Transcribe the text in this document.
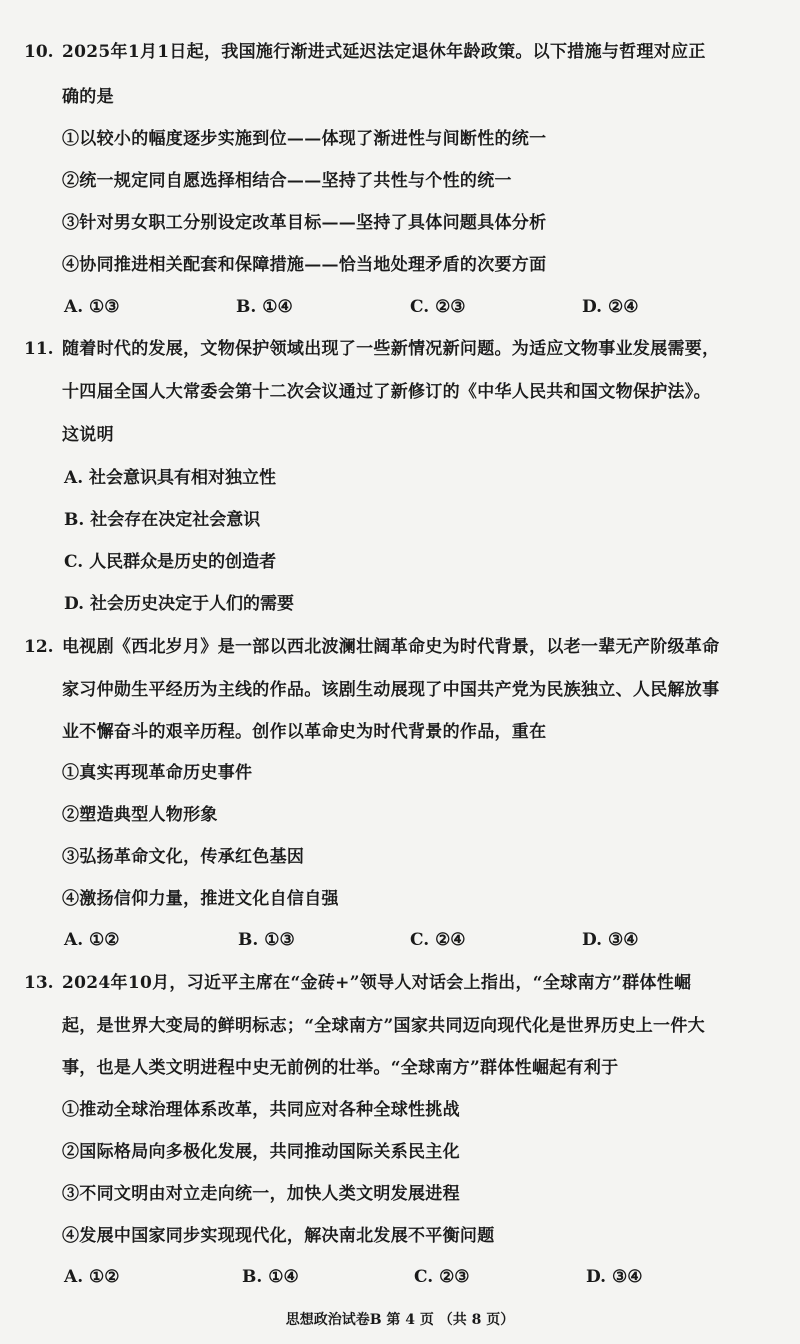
10. 2025年1月1日起，我国施行渐进式延迟法定退休年龄政策。以下措施与哲理对应正
确的是
①以较小的幅度逐步实施到位——体现了渐进性与间断性的统一
②统一规定同自愿选择相结合——坚持了共性与个性的统一
③针对男女职工分别设定改革目标——坚持了具体问题具体分析
④协同推进相关配套和保障措施——恰当地处理矛盾的次要方面
A. ①③	B. ①④	C. ②③	D. ②④
11. 随着时代的发展，文物保护领域出现了一些新情况新问题。为适应文物事业发展需要，
十四届全国人大常委会第十二次会议通过了新修订的《中华人民共和国文物保护法》。
这说明
A. 社会意识具有相对独立性
B. 社会存在决定社会意识
C. 人民群众是历史的创造者
D. 社会历史决定于人们的需要
12. 电视剧《西北岁月》是一部以西北波澜壮阔革命史为时代背景，以老一辈无产阶级革命
家习仲勋生平经历为主线的作品。该剧生动展现了中国共产党为民族独立、人民解放事
业不懈奋斗的艰辛历程。创作以革命史为时代背景的作品，重在
①真实再现革命历史事件
②塑造典型人物形象
③弘扬革命文化，传承红色基因
④激扬信仰力量，推进文化自信自强
A. ①②	B. ①③	C. ②④	D. ③④
13. 2024年10月，习近平主席在“金砖+”领导人对话会上指出，“全球南方”群体性崛
起，是世界大变局的鲜明标志；“全球南方”国家共同迈向现代化是世界历史上一件大
事，也是人类文明进程中史无前例的壮举。“全球南方”群体性崛起有利于
①推动全球治理体系改革，共同应对各种全球性挑战
②国际格局向多极化发展，共同推动国际关系民主化
③不同文明由对立走向统一，加快人类文明发展进程
④发展中国家同步实现现代化，解决南北发展不平衡问题
A. ①②	B. ①④	C. ②③	D. ③④
思想政治试卷B 第 4 页 （共 8 页）
